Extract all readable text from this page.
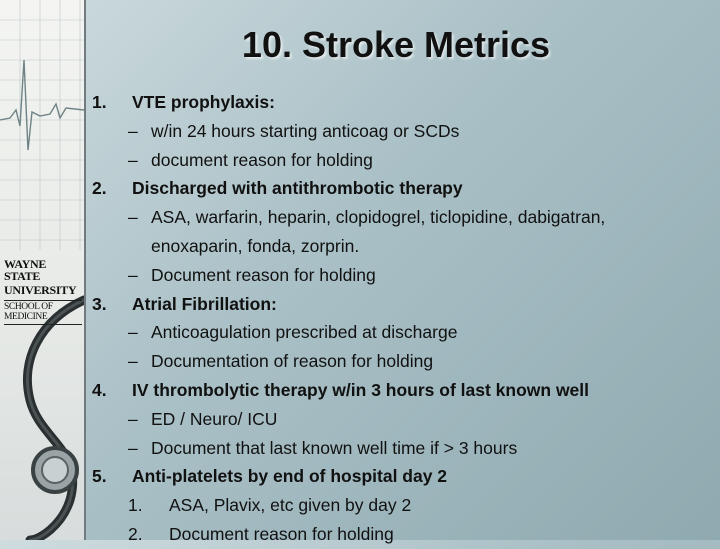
WAYNE STATE
UNIVERSITY
SCHOOL OF MEDICINE
10. Stroke Metrics
1. VTE prophylaxis:
– w/in 24 hours starting anticoag or SCDs
– document reason for holding
2. Discharged with antithrombotic therapy
– ASA, warfarin, heparin, clopidogrel, ticlopidine, dabigatran,
enoxaparin, fonda, zorprin.
– Document reason for holding
3. Atrial Fibrillation:
– Anticoagulation prescribed at discharge
– Documentation of reason for holding
4. IV thrombolytic therapy w/in 3 hours of last known well
– ED / Neuro/ ICU
– Document that last known well time if > 3 hours
5. Anti-platelets by end of hospital day 2
1. ASA, Plavix, etc given by day 2
2. Document reason for holding
